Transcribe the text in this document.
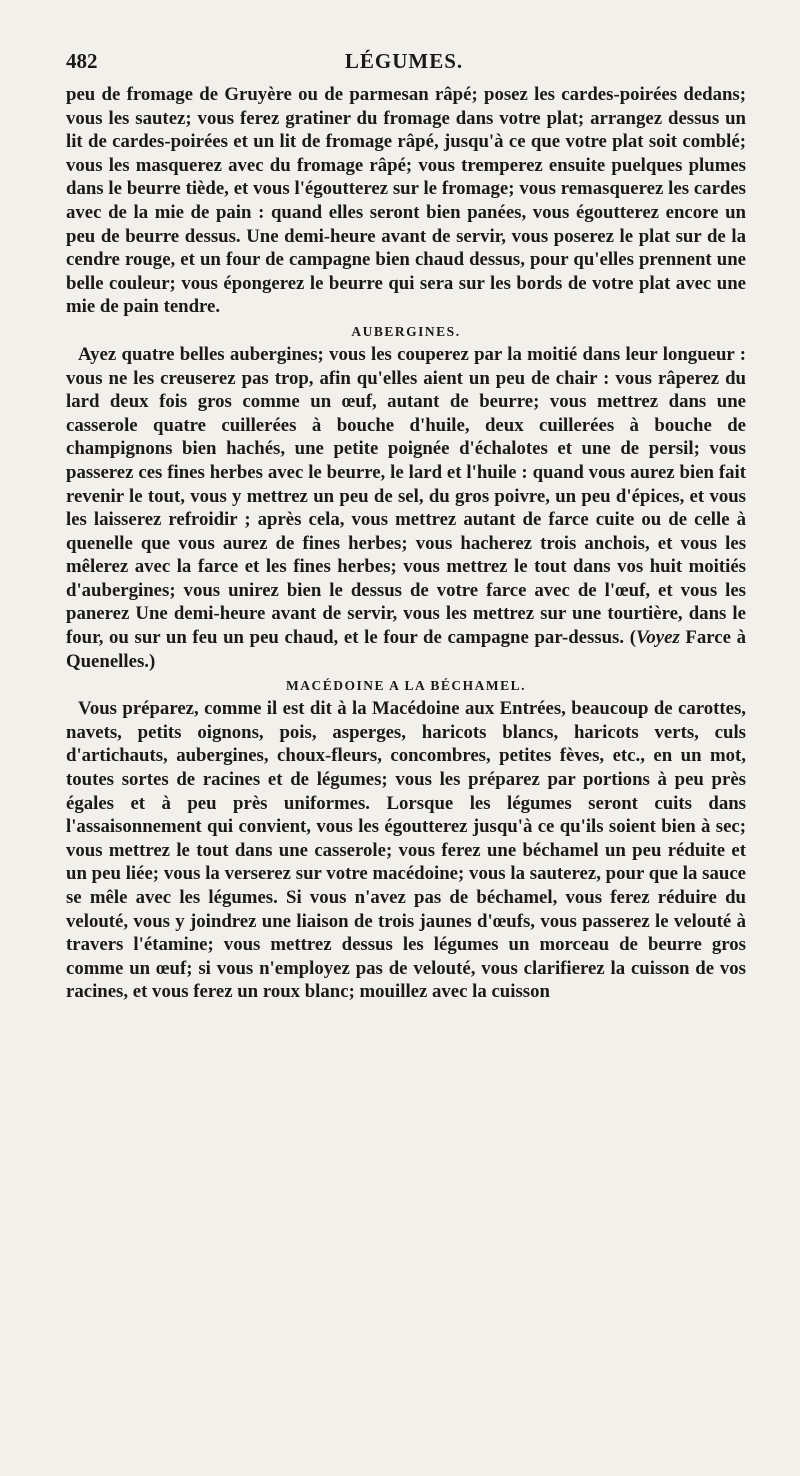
482	LÉGUMES.

peu de fromage de Gruyère ou de parmesan râpé; posez les cardes-poirées dedans; vous les sautez; vous ferez gratiner du fromage dans votre plat; arrangez dessus un lit de cardes-poirées et un lit de fromage râpé, jusqu'à ce que votre plat soit comblé; vous les masquerez avec du fromage râpé; vous tremperez ensuite puelques plumes dans le beurre tiède, et vous l'égoutterez sur le fromage; vous remasquerez les cardes avec de la mie de pain : quand elles seront bien panées, vous égoutterez encore un peu de beurre dessus. Une demi-heure avant de servir, vous poserez le plat sur de la cendre rouge, et un four de campagne bien chaud dessus, pour qu'elles prennent une belle couleur; vous épongerez le beurre qui sera sur les bords de votre plat avec une mie de pain tendre.

AUBERGINES.

Ayez quatre belles aubergines; vous les couperez par la moitié dans leur longueur : vous ne les creuserez pas trop, afin qu'elles aient un peu de chair : vous râperez du lard deux fois gros comme un œuf, autant de beurre; vous mettrez dans une casserole quatre cuillerées à bouche d'huile, deux cuillerées à bouche de champignons bien hachés, une petite poignée d'échalotes et une de persil; vous passerez ces fines herbes avec le beurre, le lard et l'huile : quand vous aurez bien fait revenir le tout, vous y mettrez un peu de sel, du gros poivre, un peu d'épices, et vous les laisserez refroidir ; après cela, vous mettrez autant de farce cuite ou de celle à quenelle que vous aurez de fines herbes; vous hacherez trois anchois, et vous les mêlerez avec la farce et les fines herbes; vous mettrez le tout dans vos huit moitiés d'aubergines; vous unirez bien le dessus de votre farce avec de l'œuf, et vous les panerez Une demi-heure avant de servir, vous les mettrez sur une tourtière, dans le four, ou sur un feu un peu chaud, et le four de campagne par-dessus. (Voyez Farce à Quenelles.)

MACÉDOINE A LA BÉCHAMEL.

Vous préparez, comme il est dit à la Macédoine aux Entrées, beaucoup de carottes, navets, petits oignons, pois, asperges, haricots blancs, haricots verts, culs d'artichauts, aubergines, choux-fleurs, concombres, petites fèves, etc., en un mot, toutes sortes de racines et de légumes; vous les préparez par portions à peu près égales et à peu près uniformes. Lorsque les légumes seront cuits dans l'assaisonnement qui convient, vous les égoutterez jusqu'à ce qu'ils soient bien à sec; vous mettrez le tout dans une casserole; vous ferez une béchamel un peu réduite et un peu liée; vous la verserez sur votre macédoine; vous la sauterez, pour que la sauce se mêle avec les légumes. Si vous n'avez pas de béchamel, vous ferez réduire du velouté, vous y joindrez une liaison de trois jaunes d'œufs, vous passerez le velouté à travers l'étamine; vous mettrez dessus les légumes un morceau de beurre gros comme un œuf; si vous n'employez pas de velouté, vous clarifierez la cuisson de vos racines, et vous ferez un roux blanc; mouillez avec la cuisson
